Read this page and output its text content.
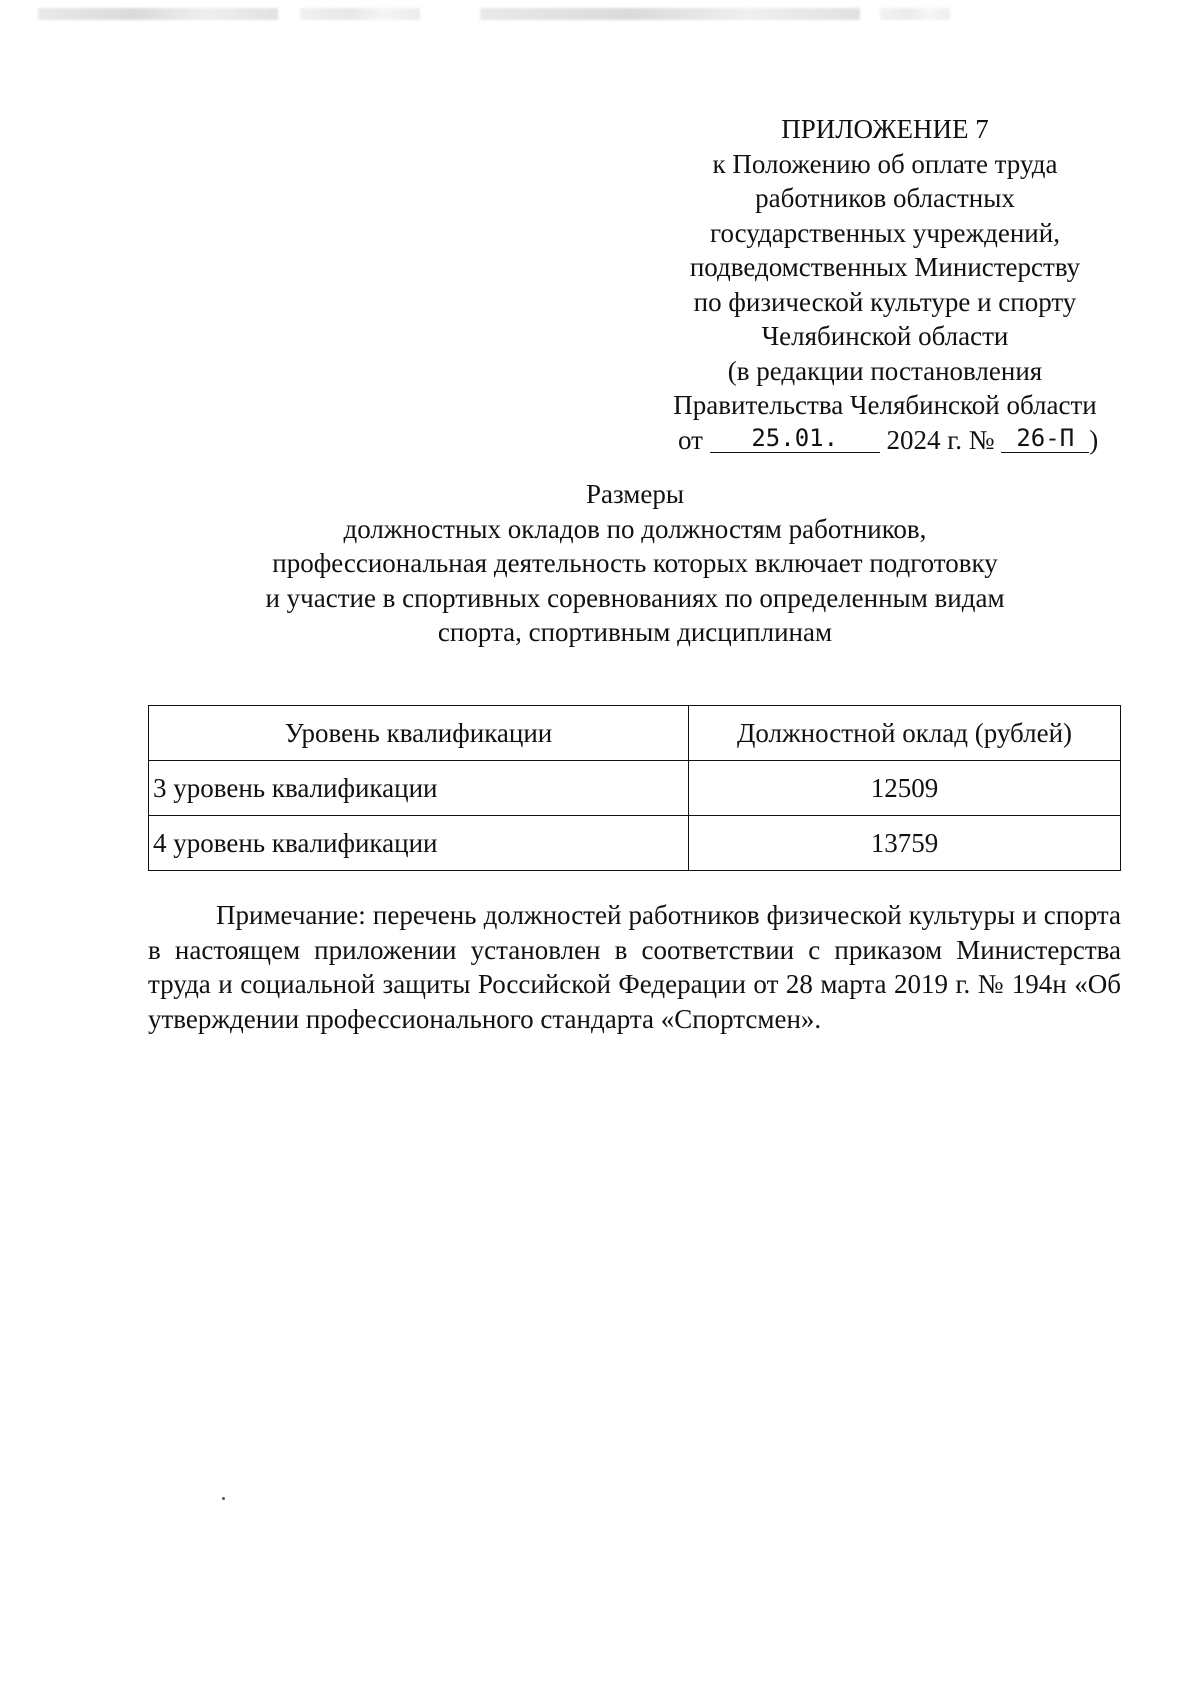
ПРИЛОЖЕНИЕ 7
к Положению об оплате труда
работников областных
государственных учреждений,
подведомственных Министерству
по физической культуре и спорту
Челябинской области
(в редакции постановления
Правительства Челябинской области
от 25.01. 2024 г. № 26-П )
Размеры
должностных окладов по должностям работников,
профессиональная деятельность которых включает подготовку
и участие в спортивных соревнованиях по определенным видам
спорта, спортивным дисциплинам
Уровень квалификации	Должностной оклад (рублей)
3 уровень квалификации	12509
4 уровень квалификации	13759

Примечание: перечень должностей работников физической культуры и спорта в настоящем приложении установлен в соответствии с приказом Министерства труда и социальной защиты Российской Федерации от 28 марта 2019 г. № 194н «Об утверждении профессионального стандарта «Спортсмен».
